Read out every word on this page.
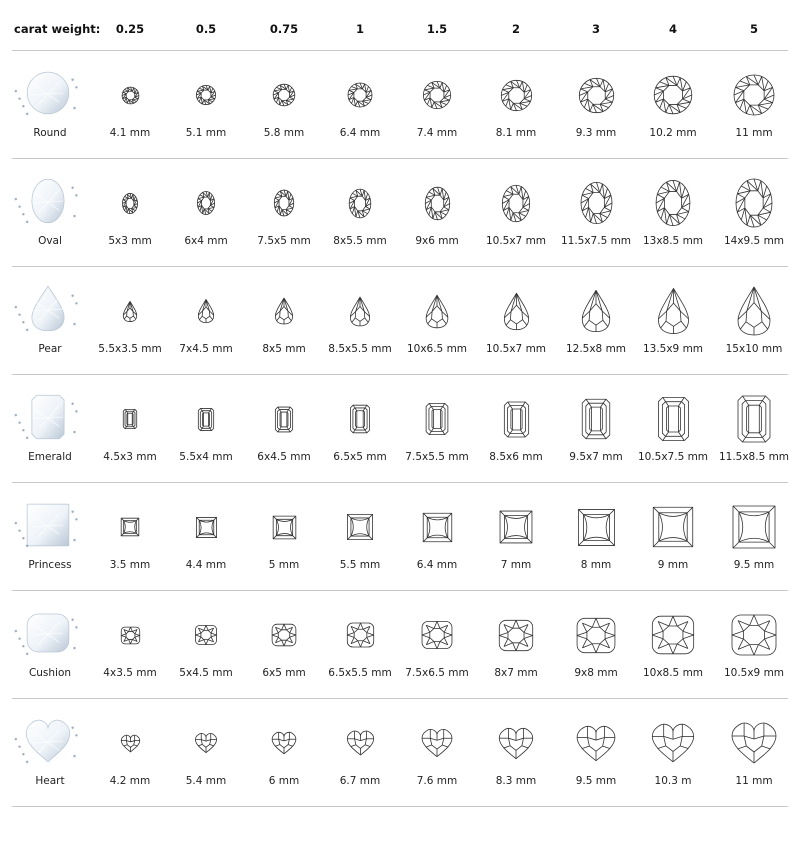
carat weight:	0.25	0.5	0.75	1	1.5	2	3	4	5
Round	4.1 mm	5.1 mm	5.8 mm	6.4 mm	7.4 mm	8.1 mm	9.3 mm	10.2 mm	11 mm
Oval	5x3 mm	6x4 mm	7.5x5 mm	8x5.5 mm	9x6 mm	10.5x7 mm	11.5x7.5 mm	13x8.5 mm	14x9.5 mm
Pear	5.5x3.5 mm	7x4.5 mm	8x5 mm	8.5x5.5 mm	10x6.5 mm	10.5x7 mm	12.5x8 mm	13.5x9 mm	15x10 mm
Emerald	4.5x3 mm	5.5x4 mm	6x4.5 mm	6.5x5 mm	7.5x5.5 mm	8.5x6 mm	9.5x7 mm	10.5x7.5 mm	11.5x8.5 mm
Princess	3.5 mm	4.4 mm	5 mm	5.5 mm	6.4 mm	7 mm	8 mm	9 mm	9.5 mm
Cushion	4x3.5 mm	5x4.5 mm	6x5 mm	6.5x5.5 mm	7.5x6.5 mm	8x7 mm	9x8 mm	10x8.5 mm	10.5x9 mm
Heart	4.2 mm	5.4 mm	6 mm	6.7 mm	7.6 mm	8.3 mm	9.5 mm	10.3 m	11 mm
